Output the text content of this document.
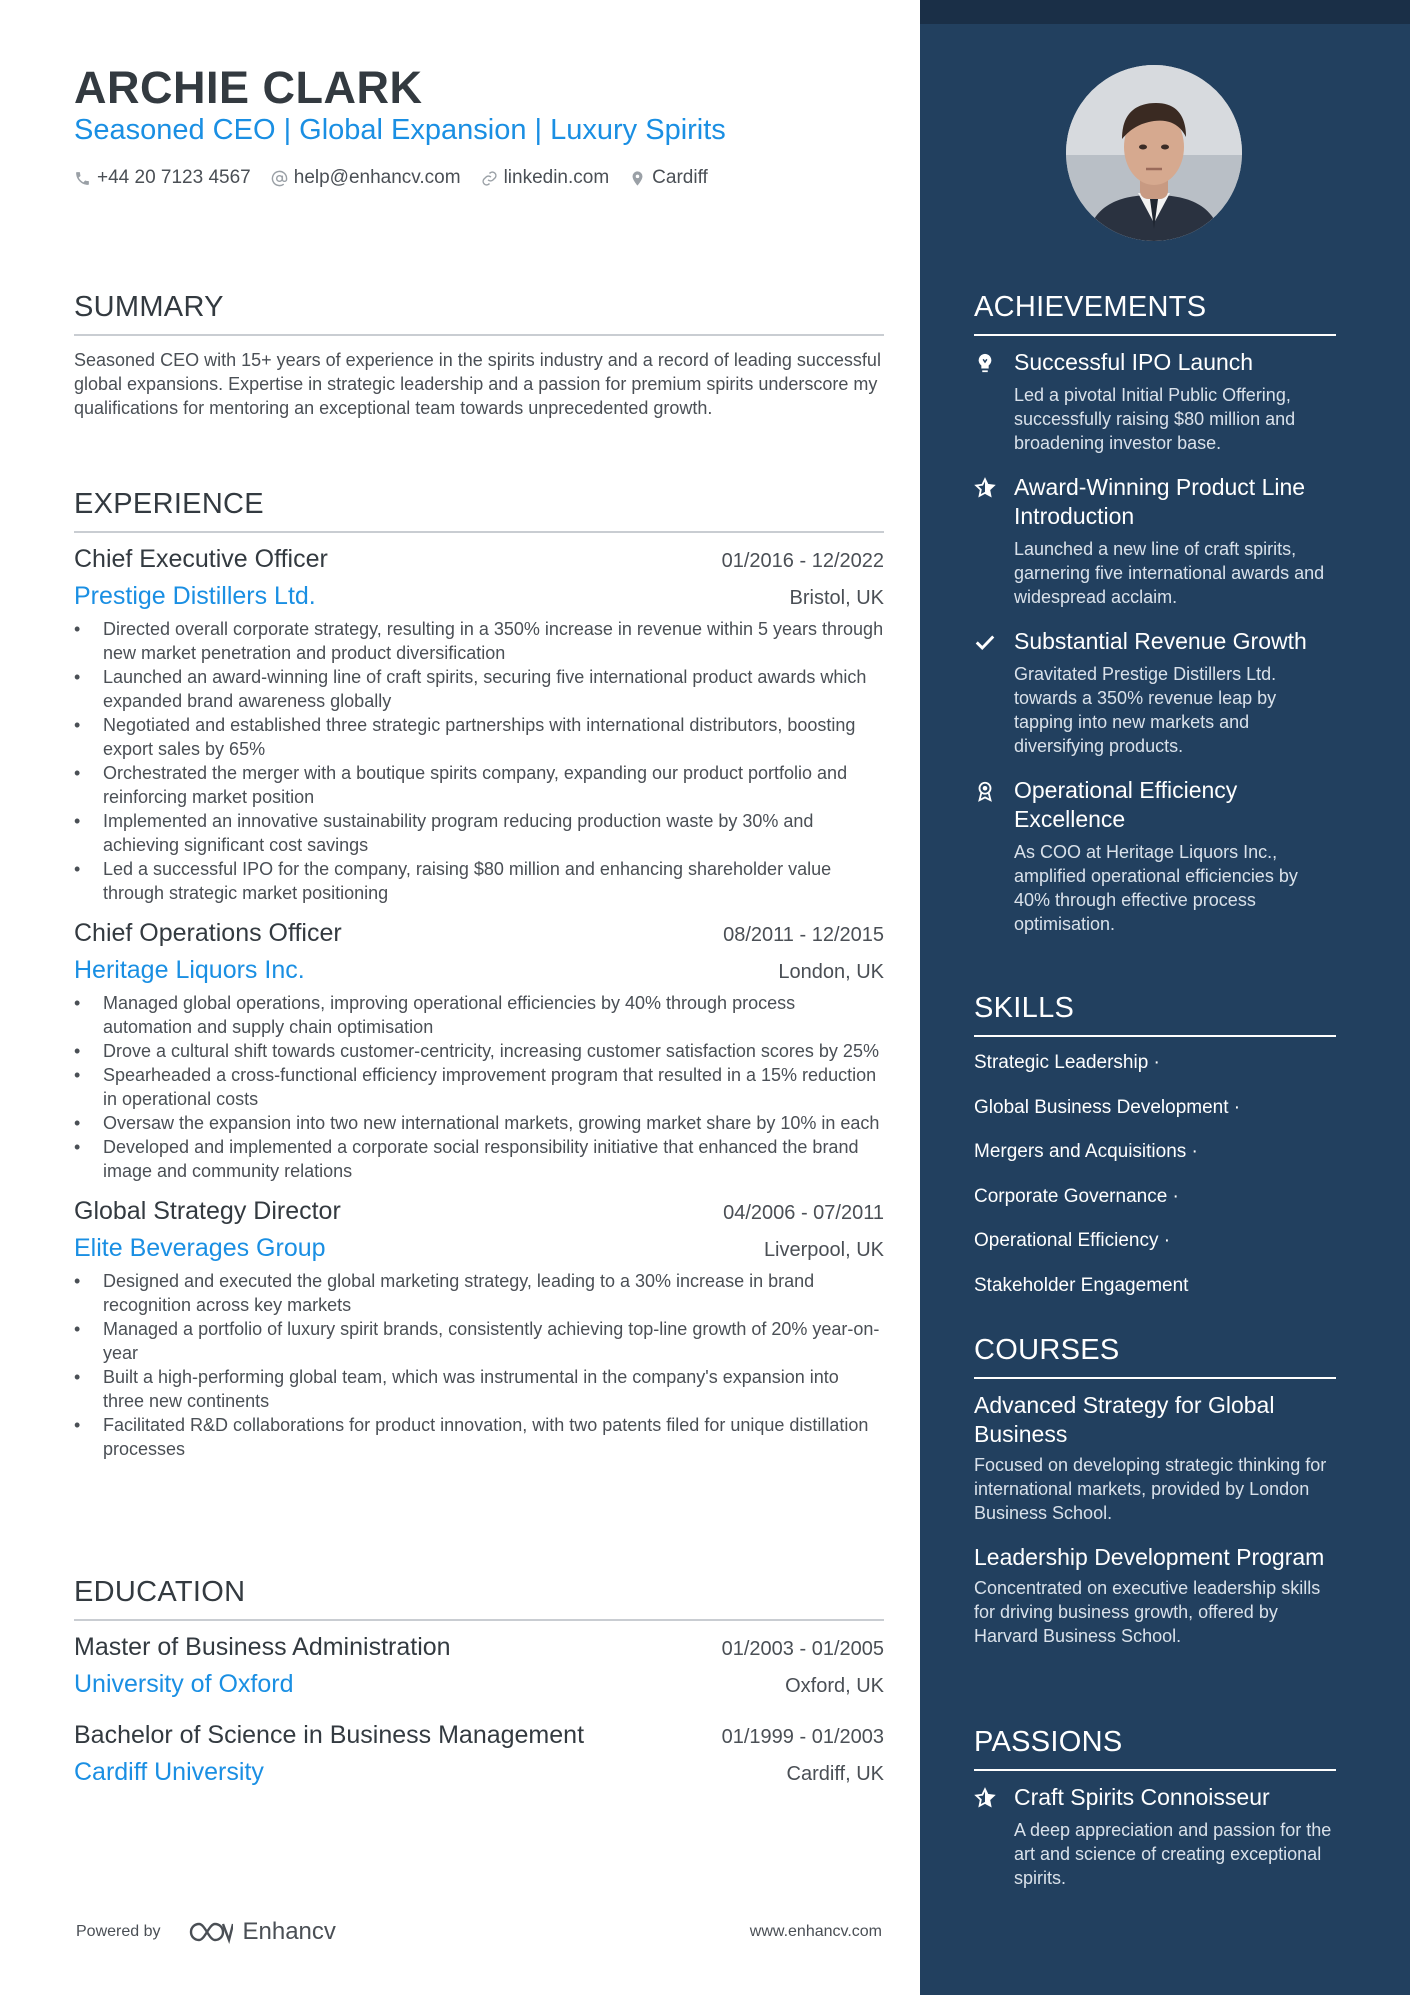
ARCHIE CLARK
Seasoned CEO | Global Expansion | Luxury Spirits
+44 20 7123 4567 help@enhancv.com linkedin.com Cardiff
SUMMARY
Seasoned CEO with 15+ years of experience in the spirits industry and a record of leading successful global expansions. Expertise in strategic leadership and a passion for premium spirits underscore my qualifications for mentoring an exceptional team towards unprecedented growth.
EXPERIENCE
Chief Executive Officer	01/2016 - 12/2022
Prestige Distillers Ltd.	Bristol, UK
• Directed overall corporate strategy, resulting in a 350% increase in revenue within 5 years through new market penetration and product diversification
• Launched an award-winning line of craft spirits, securing five international product awards which expanded brand awareness globally
• Negotiated and established three strategic partnerships with international distributors, boosting export sales by 65%
• Orchestrated the merger with a boutique spirits company, expanding our product portfolio and reinforcing market position
• Implemented an innovative sustainability program reducing production waste by 30% and achieving significant cost savings
• Led a successful IPO for the company, raising $80 million and enhancing shareholder value through strategic market positioning
Chief Operations Officer	08/2011 - 12/2015
Heritage Liquors Inc.	London, UK
• Managed global operations, improving operational efficiencies by 40% through process automation and supply chain optimisation
• Drove a cultural shift towards customer-centricity, increasing customer satisfaction scores by 25%
• Spearheaded a cross-functional efficiency improvement program that resulted in a 15% reduction in operational costs
• Oversaw the expansion into two new international markets, growing market share by 10% in each
• Developed and implemented a corporate social responsibility initiative that enhanced the brand image and community relations
Global Strategy Director	04/2006 - 07/2011
Elite Beverages Group	Liverpool, UK
• Designed and executed the global marketing strategy, leading to a 30% increase in brand recognition across key markets
• Managed a portfolio of luxury spirit brands, consistently achieving top-line growth of 20% year-on-year
• Built a high-performing global team, which was instrumental in the company's expansion into three new continents
• Facilitated R&D collaborations for product innovation, with two patents filed for unique distillation processes
EDUCATION
Master of Business Administration	01/2003 - 01/2005
University of Oxford	Oxford, UK
Bachelor of Science in Business Management	01/1999 - 01/2003
Cardiff University	Cardiff, UK
Powered by	Enhancv	www.enhancv.com
ACHIEVEMENTS
Successful IPO Launch
Led a pivotal Initial Public Offering, successfully raising $80 million and broadening investor base.
Award-Winning Product Line Introduction
Launched a new line of craft spirits, garnering five international awards and widespread acclaim.
Substantial Revenue Growth
Gravitated Prestige Distillers Ltd. towards a 350% revenue leap by tapping into new markets and diversifying products.
Operational Efficiency Excellence
As COO at Heritage Liquors Inc., amplified operational efficiencies by 40% through effective process optimisation.
SKILLS
Strategic Leadership ·
Global Business Development ·
Mergers and Acquisitions ·
Corporate Governance ·
Operational Efficiency ·
Stakeholder Engagement
COURSES
Advanced Strategy for Global Business
Focused on developing strategic thinking for international markets, provided by London Business School.
Leadership Development Program
Concentrated on executive leadership skills for driving business growth, offered by Harvard Business School.
PASSIONS
Craft Spirits Connoisseur
A deep appreciation and passion for the art and science of creating exceptional spirits.
